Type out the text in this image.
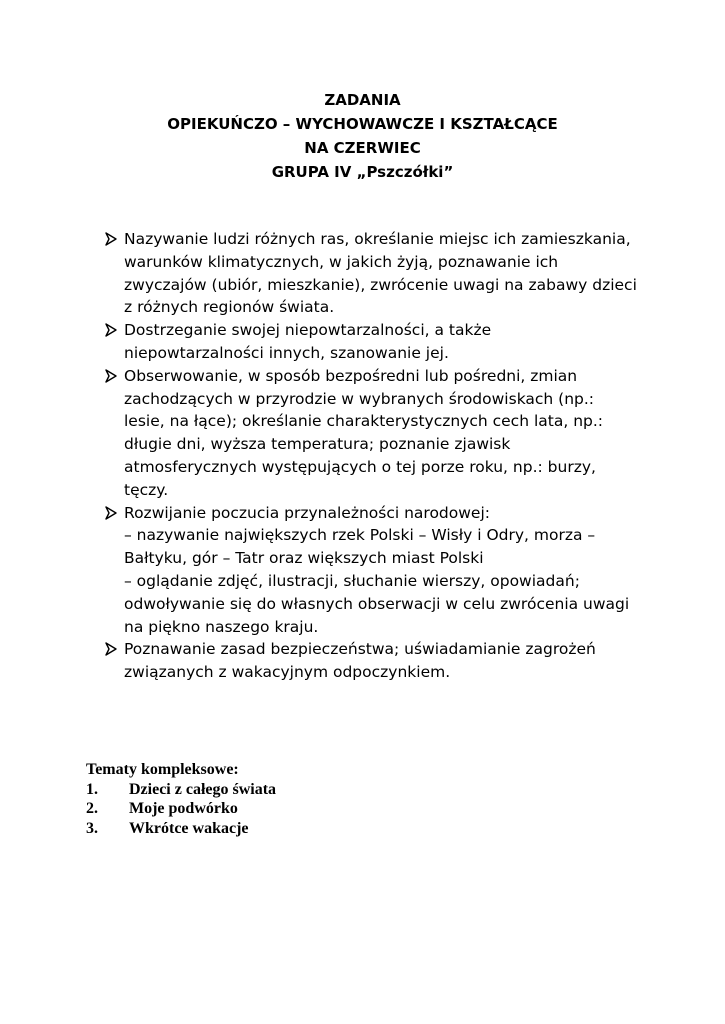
ZADANIA
OPIEKUŃCZO – WYCHOWAWCZE I KSZTAŁCĄCE
NA CZERWIEC
GRUPA IV „Pszczółki”
Nazywanie ludzi różnych ras, określanie miejsc ich zamieszkania,
warunków klimatycznych, w jakich żyją, poznawanie ich
zwyczajów (ubiór, mieszkanie), zwrócenie uwagi na zabawy dzieci
z różnych regionów świata.
Dostrzeganie swojej niepowtarzalności, a także
niepowtarzalności innych, szanowanie jej.
Obserwowanie, w sposób bezpośredni lub pośredni, zmian
zachodzących w przyrodzie w wybranych środowiskach (np.:
lesie, na łące); określanie charakterystycznych cech lata, np.:
długie dni, wyższa temperatura; poznanie zjawisk
atmosferycznych występujących o tej porze roku, np.: burzy,
tęczy.
Rozwijanie poczucia przynależności narodowej:
– nazywanie największych rzek Polski – Wisły i Odry, morza –
Bałtyku, gór – Tatr oraz większych miast Polski
– oglądanie zdjęć, ilustracji, słuchanie wierszy, opowiadań;
odwoływanie się do własnych obserwacji w celu zwrócenia uwagi
na piękno naszego kraju.
Poznawanie zasad bezpieczeństwa; uświadamianie zagrożeń
związanych z wakacyjnym odpoczynkiem.
Tematy kompleksowe:
1. Dzieci z całego świata
2. Moje podwórko
3. Wkrótce wakacje
